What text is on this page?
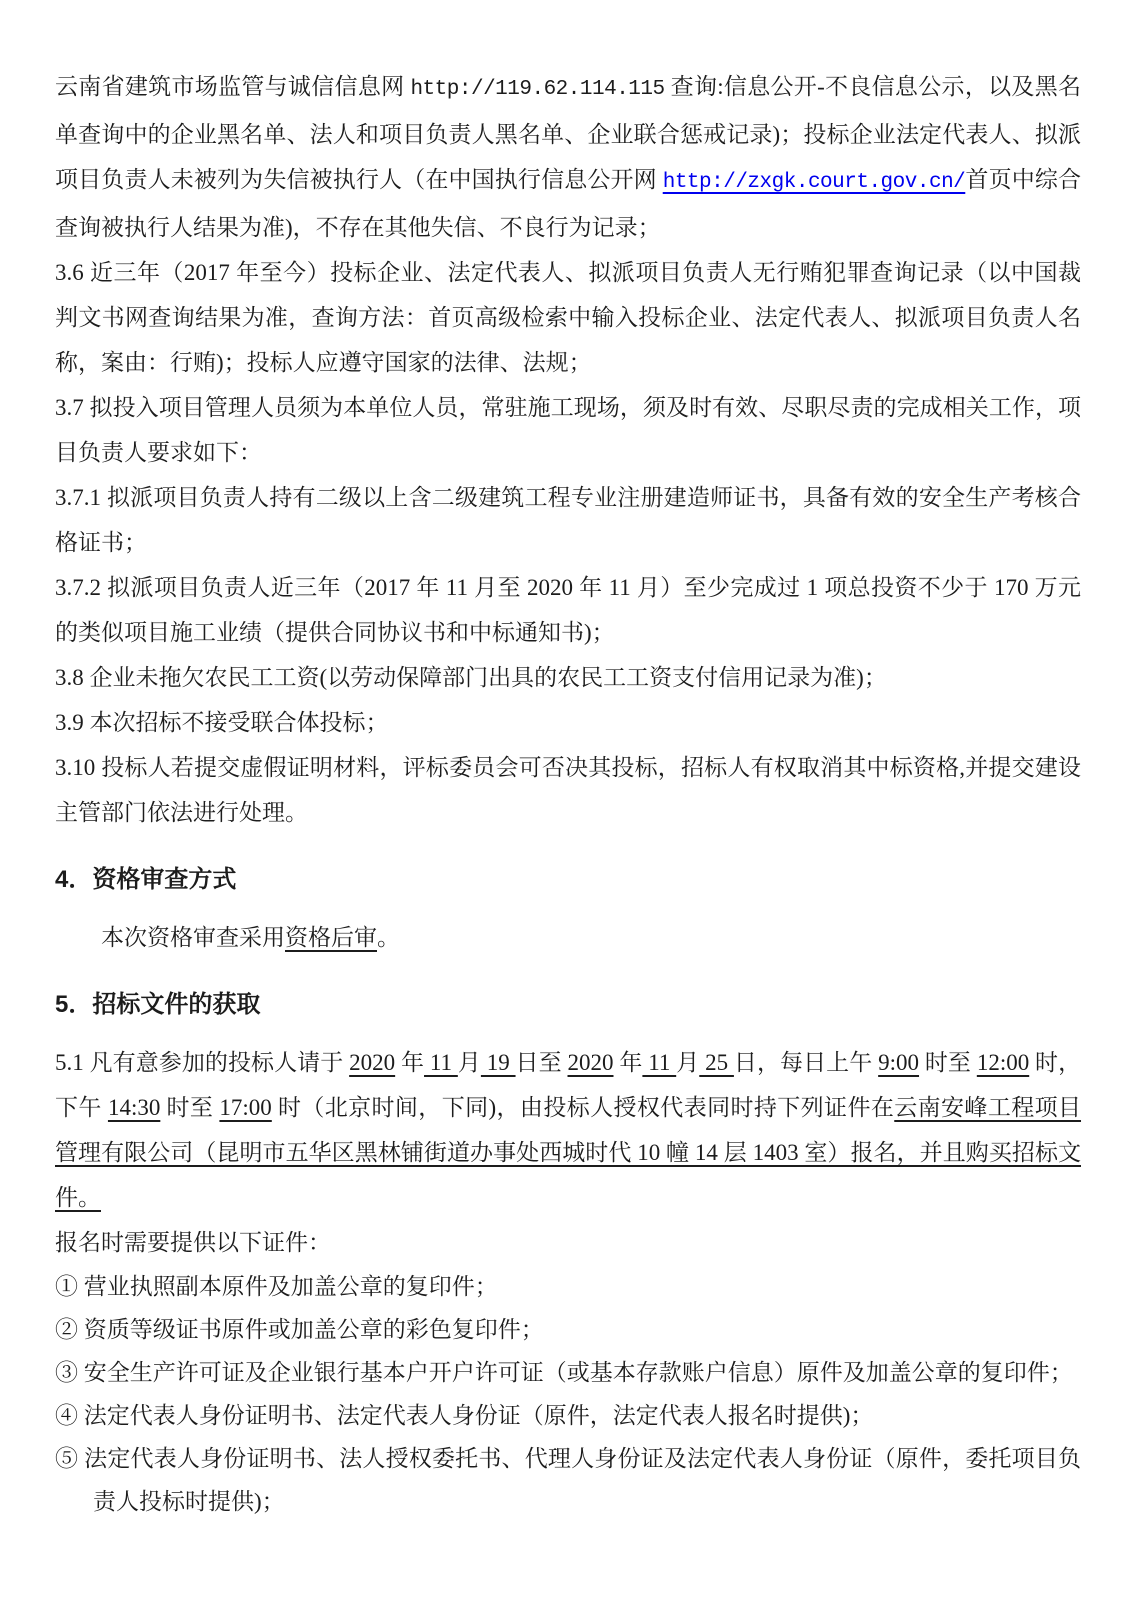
云南省建筑市场监管与诚信信息网 http://119.62.114.115 查询:信息公开-不良信息公示，以及黑名单查询中的企业黑名单、法人和项目负责人黑名单、企业联合惩戒记录)；投标企业法定代表人、拟派项目负责人未被列为失信被执行人（在中国执行信息公开网 http://zxgk.court.gov.cn/首页中综合查询被执行人结果为准)，不存在其他失信、不良行为记录；

3.6 近三年（2017 年至今）投标企业、法定代表人、拟派项目负责人无行贿犯罪查询记录（以中国裁判文书网查询结果为准，查询方法：首页高级检索中输入投标企业、法定代表人、拟派项目负责人名称，案由：行贿)；投标人应遵守国家的法律、法规；

3.7 拟投入项目管理人员须为本单位人员，常驻施工现场，须及时有效、尽职尽责的完成相关工作，项目负责人要求如下：

3.7.1 拟派项目负责人持有二级以上含二级建筑工程专业注册建造师证书，具备有效的安全生产考核合格证书；

3.7.2 拟派项目负责人近三年（2017 年 11 月至 2020 年 11 月）至少完成过 1 项总投资不少于 170 万元的类似项目施工业绩（提供合同协议书和中标通知书)；

3.8 企业未拖欠农民工工资(以劳动保障部门出具的农民工工资支付信用记录为准)；

3.9 本次招标不接受联合体投标；

3.10 投标人若提交虚假证明材料，评标委员会可否决其投标，招标人有权取消其中标资格,并提交建设主管部门依法进行处理。

4．资格审查方式

本次资格审查采用资格后审。

5．招标文件的获取

5.1 凡有意参加的投标人请于 2020 年 11 月 19 日至 2020 年 11 月 25 日，每日上午 9:00 时至 12:00 时，下午 14:30 时至 17:00 时（北京时间，下同)，由投标人授权代表同时持下列证件在云南安峰工程项目管理有限公司（昆明市五华区黑林铺街道办事处西城时代 10 幢 14 层 1403 室）报名，并且购买招标文件。

报名时需要提供以下证件：

① 营业执照副本原件及加盖公章的复印件；
② 资质等级证书原件或加盖公章的彩色复印件；
③ 安全生产许可证及企业银行基本户开户许可证（或基本存款账户信息）原件及加盖公章的复印件；
④ 法定代表人身份证明书、法定代表人身份证（原件，法定代表人报名时提供)；
⑤ 法定代表人身份证明书、法人授权委托书、代理人身份证及法定代表人身份证（原件，委托项目负责人投标时提供)；
